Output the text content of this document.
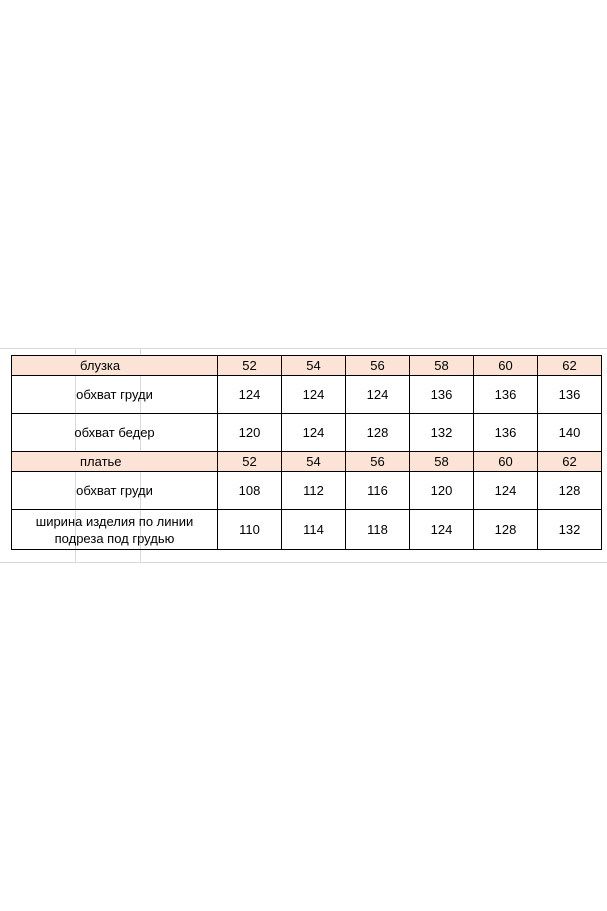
блузка	52	54	56	58	60	62
обхват груди	124	124	124	136	136	136
обхват бедер	120	124	128	132	136	140
платье	52	54	56	58	60	62
обхват груди	108	112	116	120	124	128
ширина изделия по линии подреза под грудью	110	114	118	124	128	132
